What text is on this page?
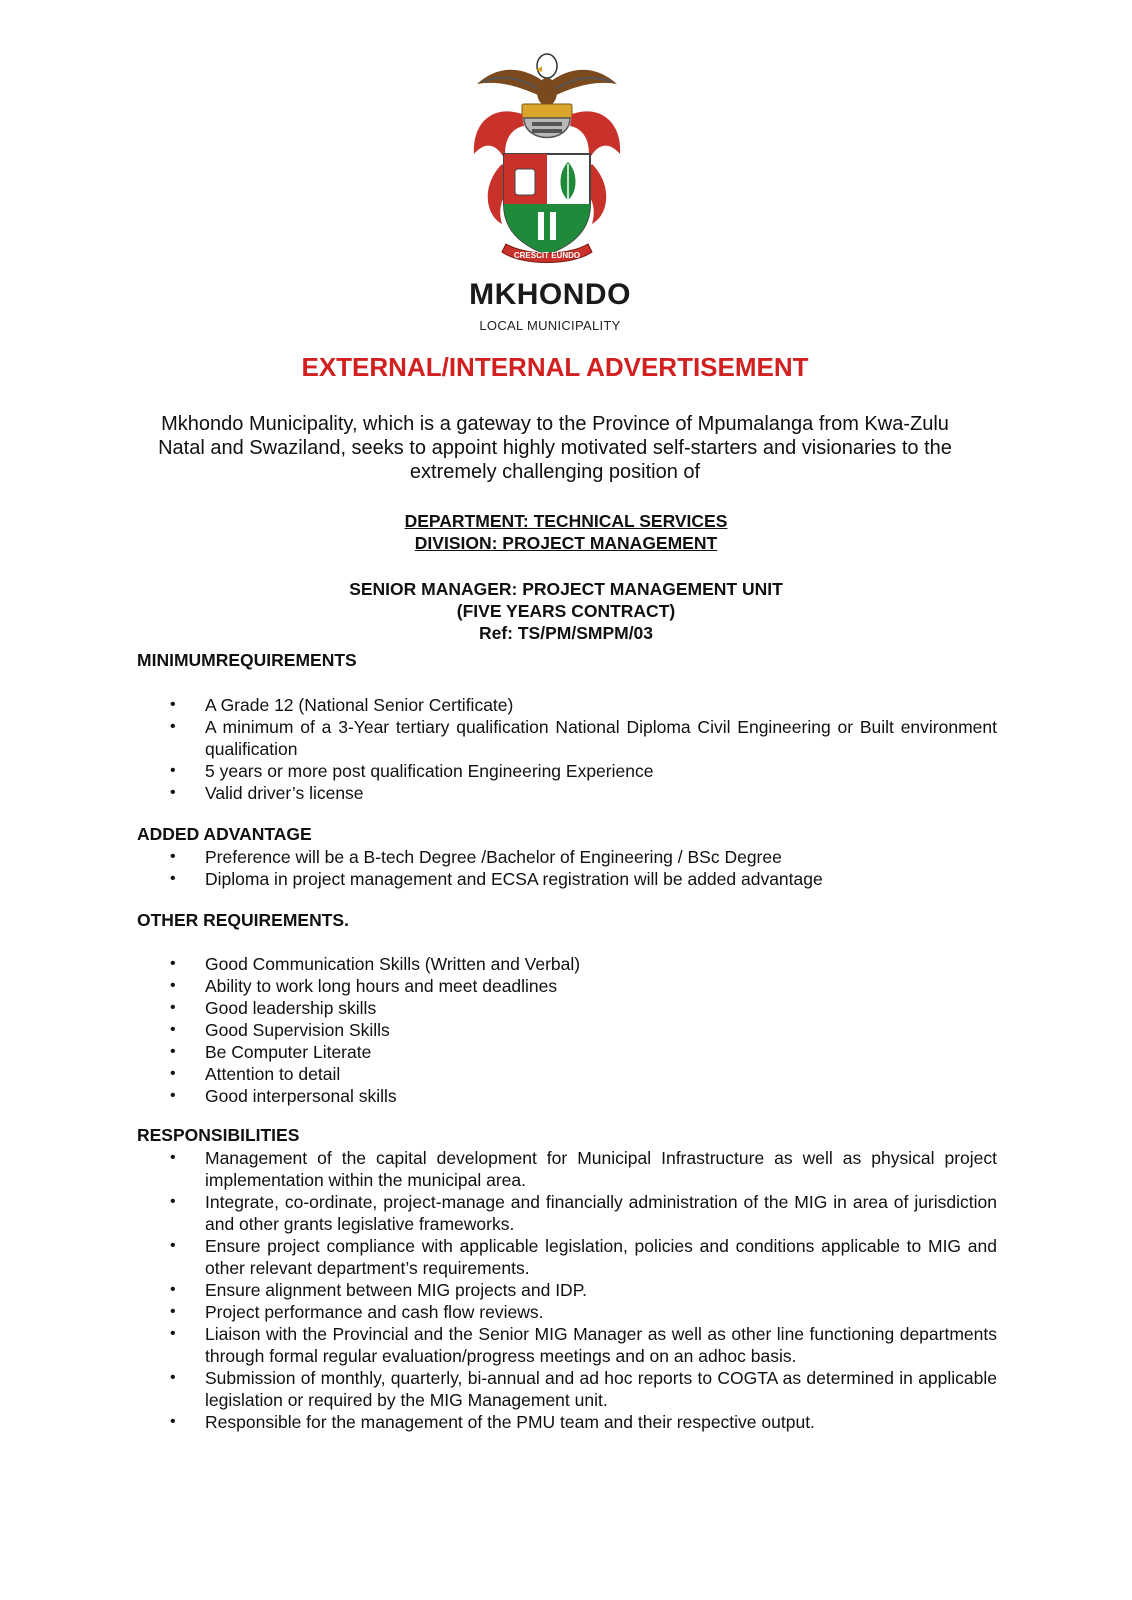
CRESCIT EUNDO
MKHONDO
LOCAL MUNICIPALITY
EXTERNAL/INTERNAL ADVERTISEMENT
Mkhondo Municipality, which is a gateway to the Province of Mpumalanga from Kwa-Zulu Natal and Swaziland, seeks to appoint highly motivated self-starters and visionaries to the extremely challenging position of
DEPARTMENT: TECHNICAL SERVICES
DIVISION: PROJECT MANAGEMENT
SENIOR MANAGER: PROJECT MANAGEMENT UNIT
(FIVE YEARS CONTRACT)
Ref: TS/PM/SMPM/03
MINIMUMREQUIREMENTS
• A Grade 12 (National Senior Certificate)
• A minimum of a 3-Year tertiary qualification National Diploma Civil Engineering or Built environment qualification
• 5 years or more post qualification Engineering Experience
• Valid driver’s license
ADDED ADVANTAGE
• Preference will be a B-tech Degree /Bachelor of Engineering / BSc Degree
• Diploma in project management and ECSA registration will be added advantage
OTHER REQUIREMENTS.
• Good Communication Skills (Written and Verbal)
• Ability to work long hours and meet deadlines
• Good leadership skills
• Good Supervision Skills
• Be Computer Literate
• Attention to detail
• Good interpersonal skills
RESPONSIBILITIES
• Management of the capital development for Municipal Infrastructure as well as physical project implementation within the municipal area.
• Integrate, co-ordinate, project-manage and financially administration of the MIG in area of jurisdiction and other grants legislative frameworks.
• Ensure project compliance with applicable legislation, policies and conditions applicable to MIG and other relevant department’s requirements.
• Ensure alignment between MIG projects and IDP.
• Project performance and cash flow reviews.
• Liaison with the Provincial and the Senior MIG Manager as well as other line functioning departments through formal regular evaluation/progress meetings and on an adhoc basis.
• Submission of monthly, quarterly, bi-annual and ad hoc reports to COGTA as determined in applicable legislation or required by the MIG Management unit.
• Responsible for the management of the PMU team and their respective output.
